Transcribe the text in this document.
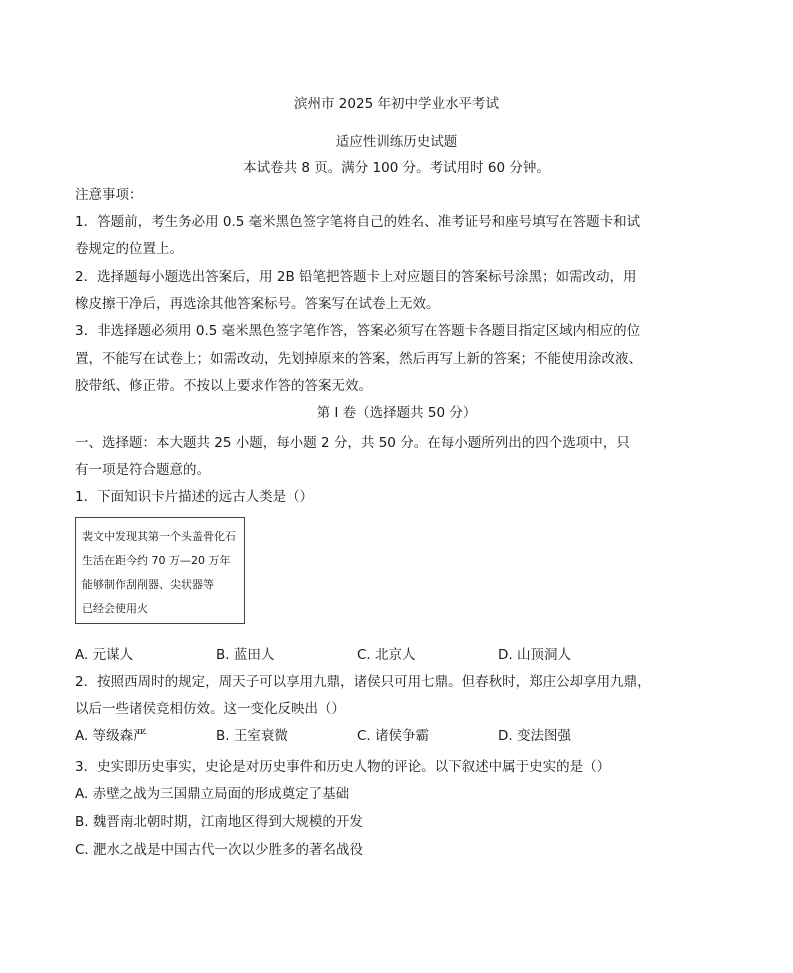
滨州市 2025 年初中学业水平考试
适应性训练历史试题
本试卷共 8 页。满分 100 分。考试用时 60 分钟。
注意事项：
1．答题前，考生务必用 0.5 毫米黑色签字笔将自己的姓名、准考证号和座号填写在答题卡和试
卷规定的位置上。
2．选择题每小题选出答案后，用 2B 铅笔把答题卡上对应题目的答案标号涂黑；如需改动，用
橡皮擦干净后，再选涂其他答案标号。答案写在试卷上无效。
3．非选择题必须用 0.5 毫米黑色签字笔作答，答案必须写在答题卡各题目指定区域内相应的位
置，不能写在试卷上；如需改动，先划掉原来的答案，然后再写上新的答案；不能使用涂改液、
胶带纸、修正带。不按以上要求作答的答案无效。
第 I 卷（选择题共 50 分）
一、选择题：本大题共 25 小题，每小题 2 分，共 50 分。在每小题所列出的四个选项中，只
有一项是符合题意的。
1．下面知识卡片描述的远古人类是（）
裴文中发现其第一个头盖骨化石
生活在距今约 70 万—20 万年
能够制作刮削器、尖状器等
已经会使用火
A. 元谋人	B. 蓝田人	C. 北京人	D. 山顶洞人
2．按照西周时的规定，周天子可以享用九鼎，诸侯只可用七鼎。但春秋时，郑庄公却享用九鼎，
以后一些诸侯竞相仿效。这一变化反映出（）
A. 等级森严	B. 王室衰微	C. 诸侯争霸	D. 变法图强
3．史实即历史事实，史论是对历史事件和历史人物的评论。以下叙述中属于史实的是（）
A. 赤壁之战为三国鼎立局面的形成奠定了基础
B. 魏晋南北朝时期，江南地区得到大规模的开发
C. 淝水之战是中国古代一次以少胜多的著名战役
